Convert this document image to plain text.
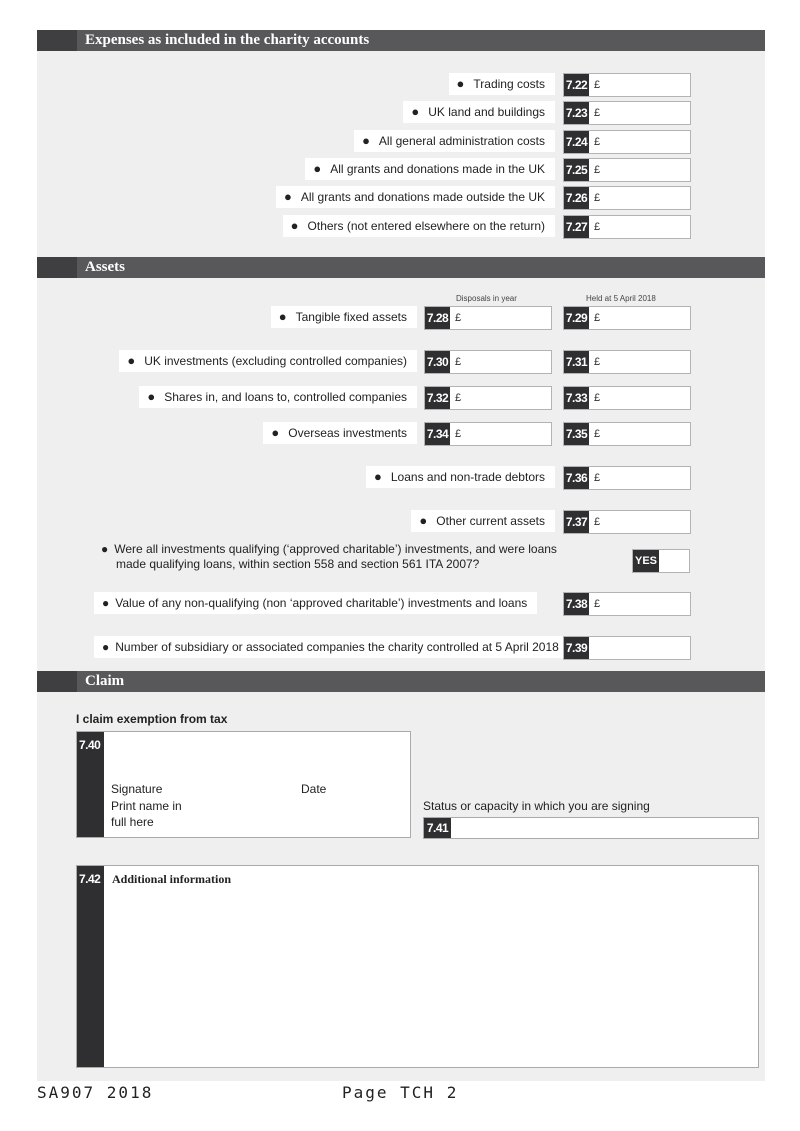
Expenses as included in the charity accounts
● Trading costs	7.22 £
● UK land and buildings	7.23 £
● All general administration costs	7.24 £
● All grants and donations made in the UK	7.25 £
● All grants and donations made outside the UK	7.26 £
● Others (not entered elsewhere on the return)	7.27 £
Assets
Disposals in year	Held at 5 April 2018
● Tangible fixed assets	7.28 £	7.29 £
● UK investments (excluding controlled companies)	7.30 £	7.31 £
● Shares in, and loans to, controlled companies	7.32 £	7.33 £
● Overseas investments	7.34 £	7.35 £
● Loans and non-trade debtors	7.36 £
● Other current assets	7.37 £
● Were all investments qualifying (‘approved charitable’) investments, and were loans
made qualifying loans, within section 558 and section 561 ITA 2007?	YES
● Value of any non-qualifying (non ‘approved charitable’) investments and loans	7.38 £
● Number of subsidiary or associated companies the charity controlled at 5 April 2018 7.39
Claim
I claim exemption from tax
7.40
Signature	Date
Print name in
full here
Status or capacity in which you are signing
7.41
7.42 Additional information
SA907 2018	Page TCH 2
